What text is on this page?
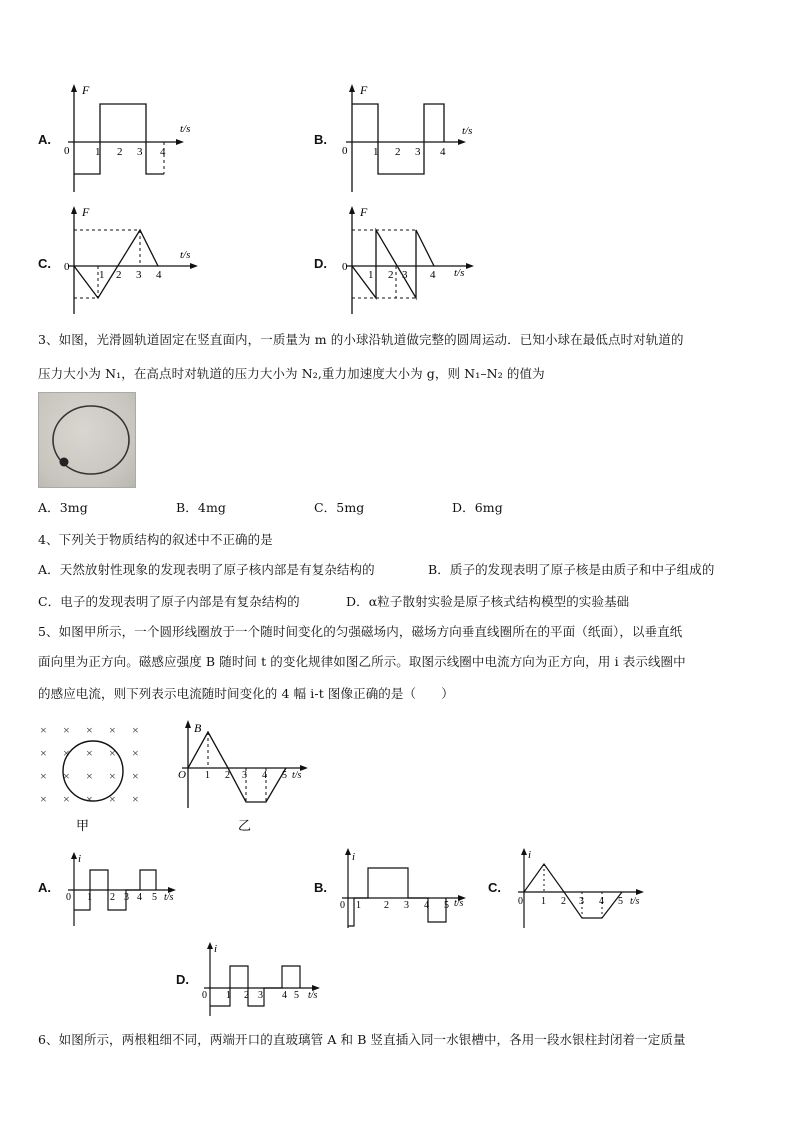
A.
F
t/s
0 1 2 3 4
B.
F
t/s
0 1 2 3 4
C.
F
t/s
0
1 2 3 4
D.
F
t/s
0
1 2 3 4
3、如图，光滑圆轨道固定在竖直面内，一质量为 m 的小球沿轨道做完整的圆周运动．已知小球在最低点时对轨道的
压力大小为 N₁，在高点时对轨道的压力大小为 N₂,重力加速度大小为 g，则 N₁–N₂ 的值为
A．3mg	B．4mg	C．5mg	D．6mg
4、下列关于物质结构的叙述中不正确的是
A．天然放射性现象的发现表明了原子核内部是有复杂结构的	B．质子的发现表明了原子核是由质子和中子组成的
C．电子的发现表明了原子内部是有复杂结构的	D．α粒子散射实验是原子核式结构模型的实验基础
5、如图甲所示，一个圆形线圈放于一个随时间变化的匀强磁场内，磁场方向垂直线圈所在的平面（纸面），以垂直纸
面向里为正方向。磁感应强度 B 随时间 t 的变化规律如图乙所示。取图示线圈中电流方向为正方向，用 i 表示线圈中
的感应电流，则下列表示电流随时间变化的 4 幅 i-t 图像正确的是（　　）
× × × × ×
× × × × ×
× × × × ×
× × × × ×
甲
B
t/s
O 1 2 3 4 5
乙
A.
i
t/s
0 1 2 3 4 5
B.
i
t/s
0 1 2 3 4 5
C.
i
t/s
0 1 2 3 4 5
D.
i
t/s
0 1 2 3 4 5
6、如图所示，两根粗细不同，两端开口的直玻璃管 A 和 B 竖直插入同一水银槽中，各用一段水银柱封闭着一定质量
